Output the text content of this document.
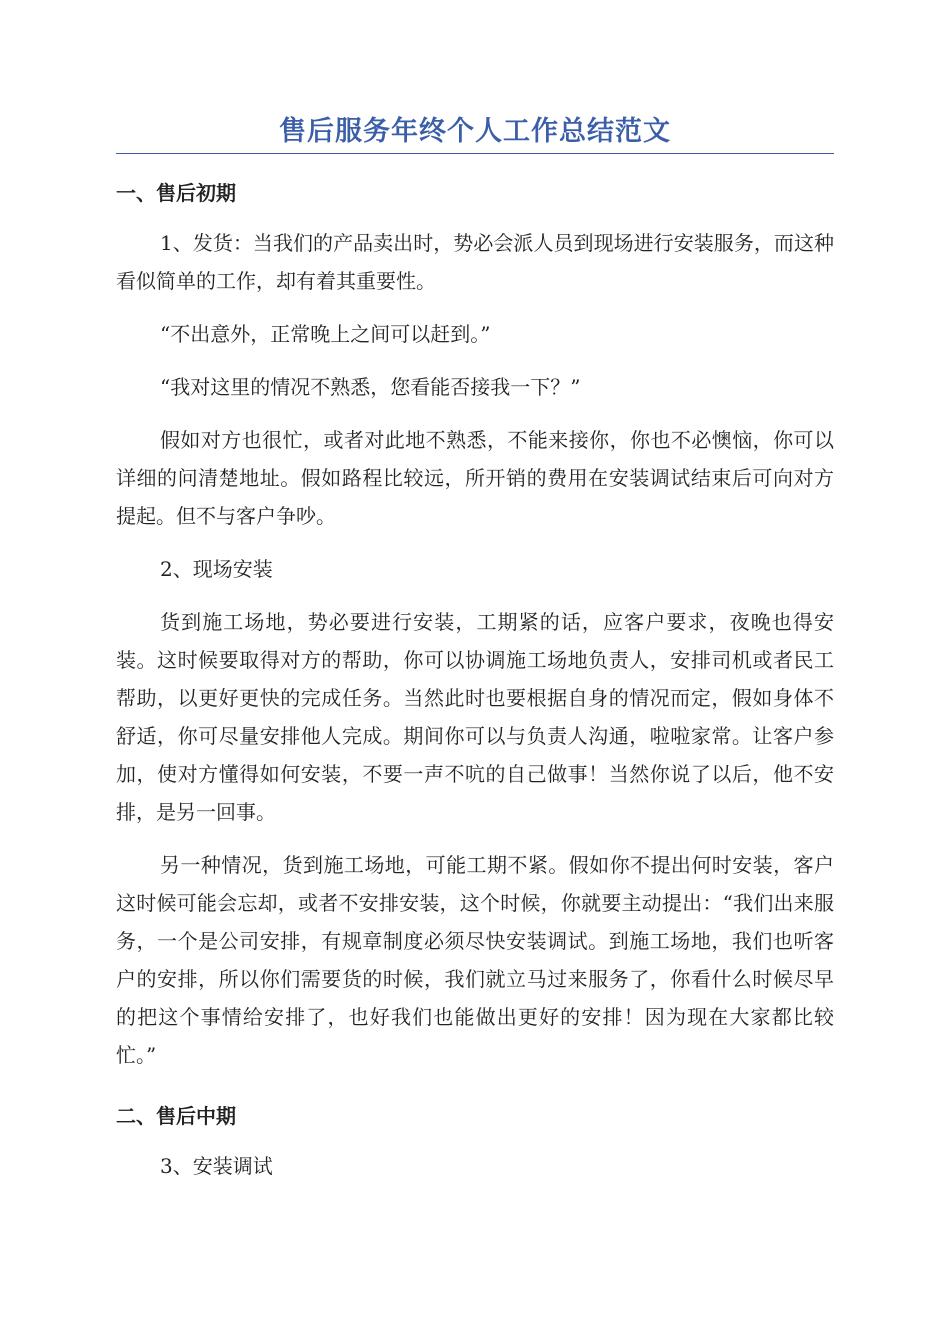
售后服务年终个人工作总结范文
一、售后初期

1、发货：当我们的产品卖出时，势必会派人员到现场进行安装服务，而这种看似简单的工作，却有着其重要性。

“不出意外，正常晚上之间可以赶到。”

“我对这里的情况不熟悉，您看能否接我一下？”

假如对方也很忙，或者对此地不熟悉，不能来接你，你也不必懊恼，你可以详细的问清楚地址。假如路程比较远，所开销的费用在安装调试结束后可向对方提起。但不与客户争吵。

2、现场安装

货到施工场地，势必要进行安装，工期紧的话，应客户要求，夜晚也得安装。这时候要取得对方的帮助，你可以协调施工场地负责人，安排司机或者民工帮助，以更好更快的完成任务。当然此时也要根据自身的情况而定，假如身体不舒适，你可尽量安排他人完成。期间你可以与负责人沟通，啦啦家常。让客户参加，使对方懂得如何安装，不要一声不吭的自己做事！当然你说了以后，他不安排，是另一回事。

另一种情况，货到施工场地，可能工期不紧。假如你不提出何时安装，客户这时候可能会忘却，或者不安排安装，这个时候，你就要主动提出：“我们出来服务，一个是公司安排，有规章制度必须尽快安装调试。到施工场地，我们也听客户的安排，所以你们需要货的时候，我们就立马过来服务了，你看什么时候尽早的把这个事情给安排了，也好我们也能做出更好的安排！因为现在大家都比较忙。”

二、售后中期

3、安装调试
